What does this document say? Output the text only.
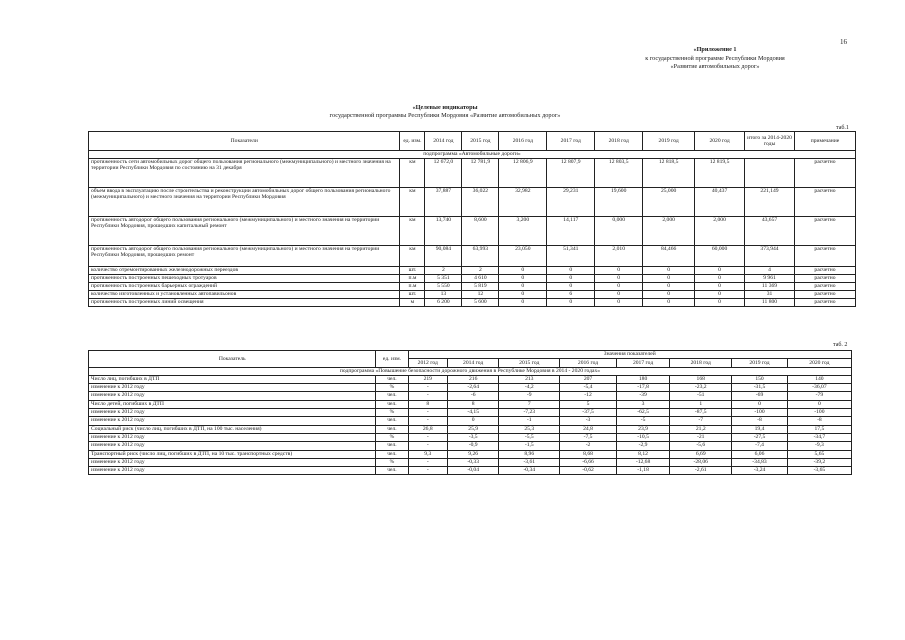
16
«Приложение 1
к государственной программе Республики Мордовия
«Развитие автомобильных дорог»
«Целевые индикаторы
государственной программы Республики Мордовия «Развитие автомобильных дорог»
таб.1
Показатели	ед. изм.	2014 год	2015 год	2016 год	2017 год	2018 год	2019 год	2020 год	итого за 2014-2020 годы	примечание
подпрограмма «Автомобильные дороги»										
протяженность сети автомобильных дорог общего пользования регионального (межмуниципального) и местного значения на территории Республики Мордовия по состоянию на 31 декабря	км	12 672,0	12 781,9	12 806,9	12 807,9	12 803,5	12 818,5	12 819,5		расчетно
объем ввода в эксплуатацию после строительства и реконструкции автомобильных дорог общего пользования регионального (межмуниципального) и местного значения на территории Республики Мордовия	км	37,887	36,022	32,982	29,231	19,600	25,000	40,437	221,149	расчетно
протяженность автодорог общего пользования регионального (межмуниципального) и местного значения на территории Республики Мордовия, прошедших капитальный ремонт	км	13,740	8,600	3,200	14,117	0,000	2,000	2,000	43,657	расчетно
протяженность автодорог общего пользования регионального (межмуниципального) и местного значения на территории Республики Мордовия, прошедших ремонт	км	90,084	63,993	23,050	51,341	2,010	84,466	60,000	373,944	расчетно
количество отремонтированных железнодорожных переездов	шт.	2	2	0	0	0	0	0	4	расчетно
протяженность построенных пешеходных тротуаров	п.м	5 351	4 610	0	0	0	0	0	9 961	расчетно
протяженность построенных барьерных ограждений	п.м	5 550	5 819	0	0	0	0	0	11 369	расчетно
количество изготовленных и установленных автопавильонов	шт.	13	12	0	6	0	0	0	31	расчетно
протяженность построенных линий освещения	м	6 200	5 600	0	0	0	0	0	11 800	расчетно
таб. 2
Показатель	ед. изм.	Значения показателей							
		2012 год	2014 год	2015 год	2016 год	2017 год	2018 год	2019 год	2020 год
подпрограмма «Повышение безопасности дорожного движения в Республике Мордовия в 2014 - 2020 годах»									
Число лиц, погибших в ДТП	чел.	219	216	213	207	180	168	150	140
изменение к 2012 году	%	-	-2,64	-4,2	-5,4	-17,8	-23,2	-31,5	-36,07
изменение к 2012 году	чел.	-	-6	-9	-12	-39	-51	-69	-79
Число детей, погибших в ДТП	чел.	8	8	7	5	3	1	0	0
изменение к 2012 году	%	-	-4,15	-7,23	-37,5	-62,5	-87,5	-100	-100
изменение к 2012 году	чел.	-	0	-1	-3	-5	-7	-8	-8
Социальный риск (число лиц, погибших в ДТП, на 100 тыс. населения)	чел.	26,8	25,9	25,3	24,8	23,9	21,2	19,4	17,5
изменение к 2012 году	%	-	-3,5	-5,5	-7,5	-10,5	-21	-27,5	-34,7
изменение к 2012 году	чел.	-	-0,9	-1,5	-2	-2,9	-5,6	-7,4	-9,3
Транспортный риск (число лиц, погибших в ДТП, на 10 тыс. транспортных средств)	чел.	9,3	9,26	8,96	8,68	8,12	6,69	6,06	5,65
изменение к 2012 году	%	-	-0,33	-3,61	-6,66	-12,68	-28,06	-34,83	-39,2
изменение к 2012 году	чел.	-	-0,04	-0,34	-0,62	-1,18	-2,61	-3,24	-3,65
